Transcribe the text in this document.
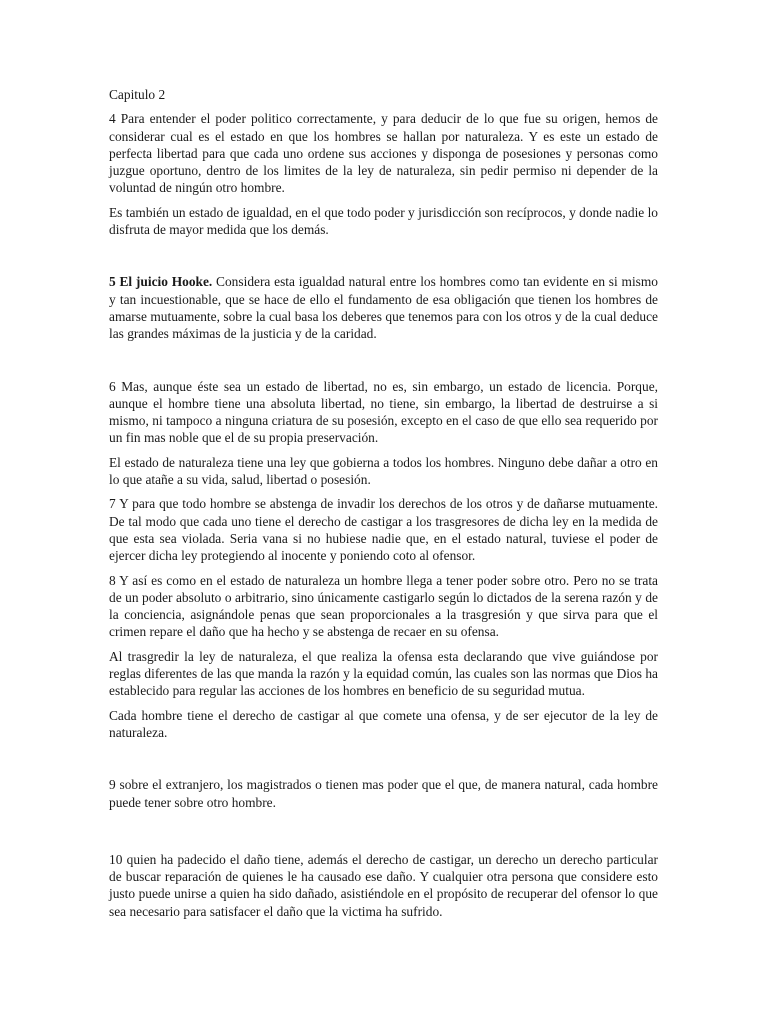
Capitulo 2

4 Para entender el poder politico correctamente, y para deducir de lo que fue su origen, hemos de considerar cual es el estado en que los hombres se hallan por naturaleza. Y es este un estado de perfecta libertad para que cada uno ordene sus acciones y disponga de posesiones y personas como juzgue oportuno, dentro de los limites de la ley de naturaleza, sin pedir permiso ni depender de la voluntad de ningún otro hombre.

Es también un estado de igualdad, en el que todo poder y jurisdicción son recíprocos, y donde nadie lo disfruta de mayor medida que los demás.

5 El juicio Hooke. Considera esta igualdad natural entre los hombres como tan evidente en si mismo y tan incuestionable, que se hace de ello el fundamento de esa obligación que tienen los hombres de amarse mutuamente, sobre la cual basa los deberes que tenemos para con los otros y de la cual deduce las grandes máximas de la justicia y de la caridad.

6 Mas, aunque éste sea un estado de libertad, no es, sin embargo, un estado de licencia. Porque, aunque el hombre tiene una absoluta libertad, no tiene, sin embargo, la libertad de destruirse a si mismo, ni tampoco a ninguna criatura de su posesión, excepto en el caso de que ello sea requerido por un fin mas noble que el de su propia preservación.

El estado de naturaleza tiene una ley que gobierna a todos los hombres. Ninguno debe dañar a otro en lo que atañe a su vida, salud, libertad o posesión.

7 Y para que todo hombre se abstenga de invadir los derechos de los otros y de dañarse mutuamente. De tal modo que cada uno tiene el derecho de castigar a los trasgresores de dicha ley en la medida de que esta sea violada. Seria vana si no hubiese nadie que, en el estado natural, tuviese el poder de ejercer dicha ley protegiendo al inocente y poniendo coto al ofensor.

8 Y así es como en el estado de naturaleza un hombre llega a tener poder sobre otro. Pero no se trata de un poder absoluto o arbitrario, sino únicamente castigarlo según lo dictados de la serena razón y de la conciencia, asignándole penas que sean proporcionales a la trasgresión y que sirva para que el crimen repare el daño que ha hecho y se abstenga de recaer en su ofensa.

Al trasgredir la ley de naturaleza, el que realiza la ofensa esta declarando que vive guiándose por reglas diferentes de las que manda la razón y la equidad común, las cuales son las normas que Dios ha establecido para regular las acciones de los hombres en beneficio de su seguridad mutua.

Cada hombre tiene el derecho de castigar al que comete una ofensa, y de ser ejecutor de la ley de naturaleza.

9 sobre el extranjero, los magistrados o tienen mas poder que el que, de manera natural, cada hombre puede tener sobre otro hombre.

10 quien ha padecido el daño tiene, además el derecho de castigar, un derecho un derecho particular de buscar reparación de quienes le ha causado ese daño. Y cualquier otra persona que considere esto justo puede unirse a quien ha sido dañado, asistiéndole en el propósito de recuperar del ofensor lo que sea necesario para satisfacer el daño que la victima ha sufrido.
